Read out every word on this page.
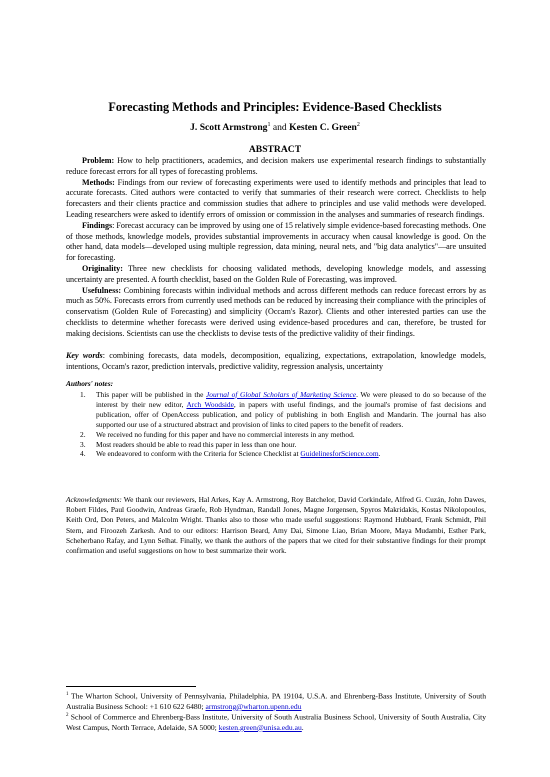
Forecasting Methods and Principles: Evidence-Based Checklists
J. Scott Armstrong$^1$ and Kesten C. Green$^2$
ABSTRACT

Problem: How to help practitioners, academics, and decision makers use experimental research findings to substantially reduce forecast errors for all types of forecasting problems.

Methods: Findings from our review of forecasting experiments were used to identify methods and principles that lead to accurate forecasts. Cited authors were contacted to verify that summaries of their research were correct. Checklists to help forecasters and their clients practice and commission studies that adhere to principles and use valid methods were developed. Leading researchers were asked to identify errors of omission or commission in the analyses and summaries of research findings.

Findings: Forecast accuracy can be improved by using one of 15 relatively simple evidence-based forecasting methods. One of those methods, knowledge models, provides substantial improvements in accuracy when causal knowledge is good. On the other hand, data models—developed using multiple regression, data mining, neural nets, and "big data analytics"—are unsuited for forecasting.

Originality: Three new checklists for choosing validated methods, developing knowledge models, and assessing uncertainty are presented. A fourth checklist, based on the Golden Rule of Forecasting, was improved.

Usefulness: Combining forecasts within individual methods and across different methods can reduce forecast errors by as much as 50%. Forecasts errors from currently used methods can be reduced by increasing their compliance with the principles of conservatism (Golden Rule of Forecasting) and simplicity (Occam's Razor). Clients and other interested parties can use the checklists to determine whether forecasts were derived using evidence-based procedures and can, therefore, be trusted for making decisions. Scientists can use the checklists to devise tests of the predictive validity of their findings.

Key words: combining forecasts, data models, decomposition, equalizing, expectations, extrapolation, knowledge models, intentions, Occam's razor, prediction intervals, predictive validity, regression analysis, uncertainty

Authors' notes:
1. This paper will be published in the Journal of Global Scholars of Marketing Science. We were pleased to do so because of the interest by their new editor, Arch Woodside, in papers with useful findings, and the journal's promise of fast decisions and publication, offer of OpenAccess publication, and policy of publishing in both English and Mandarin. The journal has also supported our use of a structured abstract and provision of links to cited papers to the benefit of readers.
2. We received no funding for this paper and have no commercial interests in any method.
3. Most readers should be able to read this paper in less than one hour.
4. We endeavored to conform with the Criteria for Science Checklist at GuidelinesforScience.com.

Acknowledgments: We thank our reviewers, Hal Arkes, Kay A. Armstrong, Roy Batchelor, David Corkindale, Alfred G. Cuzán, John Dawes, Robert Fildes, Paul Goodwin, Andreas Graefe, Rob Hyndman, Randall Jones, Magne Jorgensen, Spyros Makridakis, Kostas Nikolopoulos, Keith Ord, Don Peters, and Malcolm Wright. Thanks also to those who made useful suggestions: Raymond Hubbard, Frank Schmidt, Phil Stern, and Firoozeh Zarkesh. And to our editors: Harrison Beard, Amy Dai, Simone Liao, Brian Moore, Maya Mudambi, Esther Park, Scheherbano Rafay, and Lynn Selhat. Finally, we thank the authors of the papers that we cited for their substantive findings for their prompt confirmation and useful suggestions on how to best summarize their work.

$^1$ The Wharton School, University of Pennsylvania, Philadelphia, PA 19104, U.S.A. and Ehrenberg-Bass Institute, University of South Australia Business School: +1 610 622 6480; armstrong@wharton.upenn.edu

$^2$ School of Commerce and Ehrenberg-Bass Institute, University of South Australia Business School, University of South Australia, City West Campus, North Terrace, Adelaide, SA 5000; kesten.green@unisa.edu.au.
